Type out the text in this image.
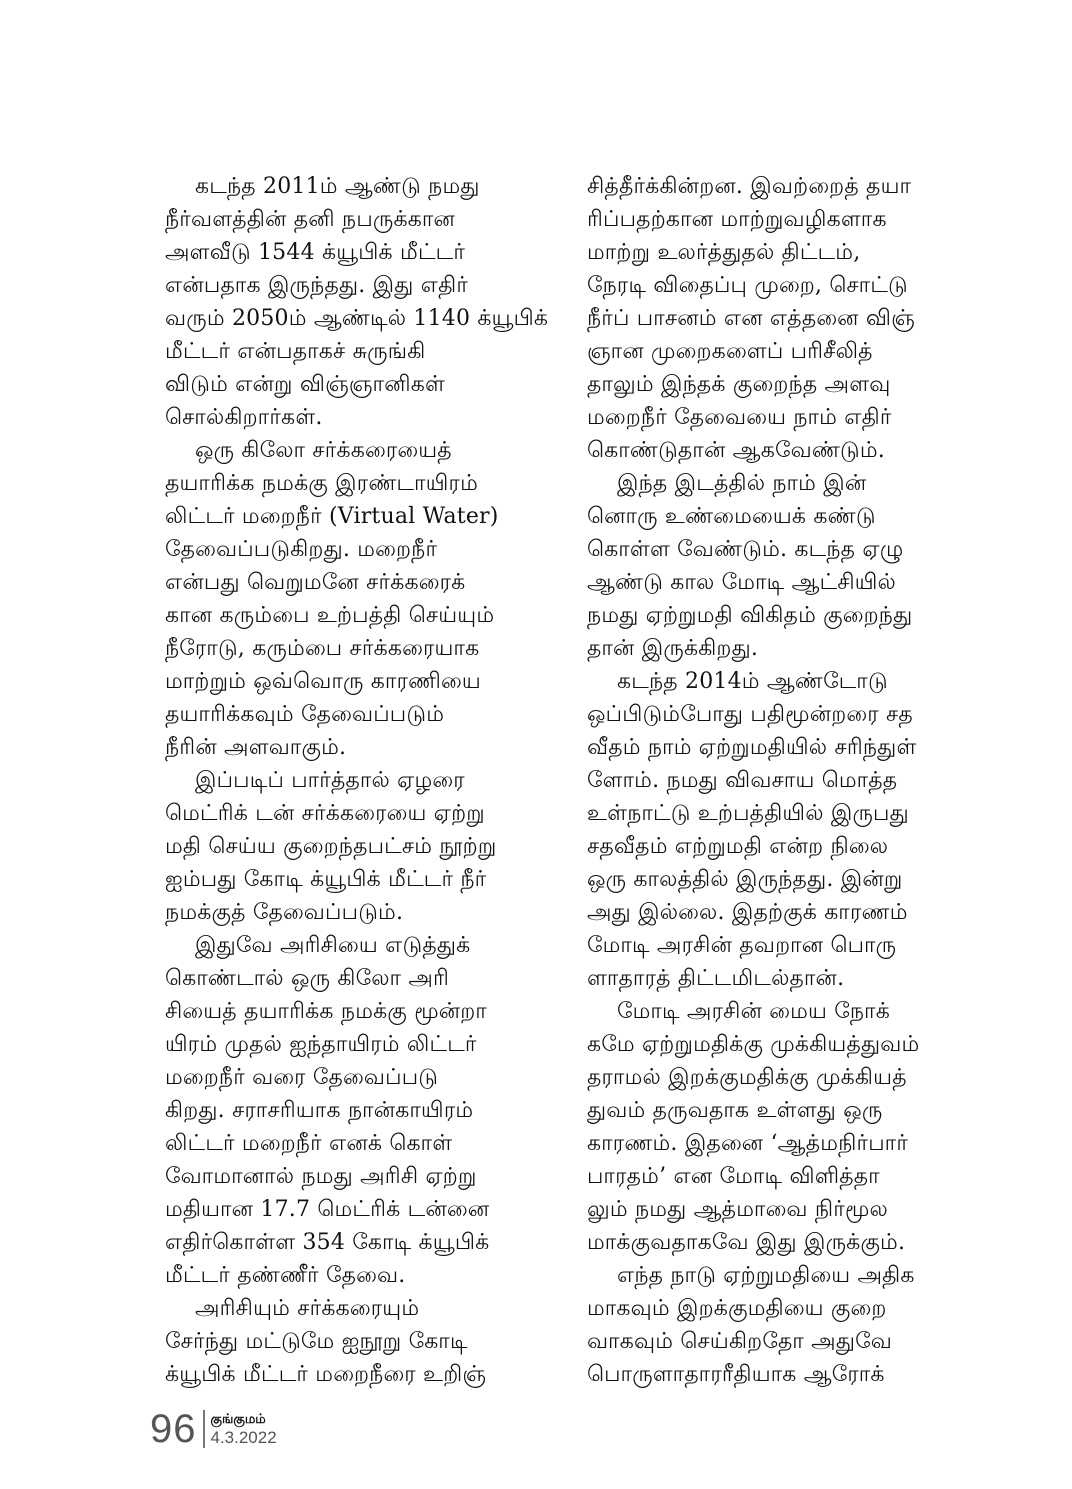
கடந்த 2011ம் ஆண்டு நமது
நீர்வளத்தின் தனி நபருக்கான
அளவீடு 1544 க்யூபிக் மீட்டர்
என்பதாக இருந்தது. இது எதிர்
வரும் 2050ம் ஆண்டில் 1140 க்யூபிக்
மீட்டர் என்பதாகச் சுருங்கி
விடும் என்று விஞ்ஞானிகள்
சொல்கிறார்கள்.

ஒரு கிலோ சர்க்கரையைத்
தயாரிக்க நமக்கு இரண்டாயிரம்
லிட்டர் மறைநீர் (Virtual Water)
தேவைப்படுகிறது. மறைநீர்
என்பது வெறுமனே சர்க்கரைக்
கான கரும்பை உற்பத்தி செய்யும்
நீரோடு, கரும்பை சர்க்கரையாக
மாற்றும் ஒவ்வொரு காரணியை
தயாரிக்கவும் தேவைப்படும்
நீரின் அளவாகும்.

இப்படிப் பார்த்தால் ஏழரை
மெட்ரிக் டன் சர்க்கரையை ஏற்று
மதி செய்ய குறைந்தபட்சம் நூற்று
ஐம்பது கோடி க்யூபிக் மீட்டர் நீர்
நமக்குத் தேவைப்படும்.

இதுவே அரிசியை எடுத்துக்
கொண்டால் ஒரு கிலோ அரி
சியைத் தயாரிக்க நமக்கு மூன்றா
யிரம் முதல் ஐந்தாயிரம் லிட்டர்
மறைநீர் வரை தேவைப்படு
கிறது. சராசரியாக நான்காயிரம்
லிட்டர் மறைநீர் எனக் கொள்
வோமானால் நமது அரிசி ஏற்று
மதியான 17.7 மெட்ரிக் டன்னை
எதிர்கொள்ள 354 கோடி க்யூபிக்
மீட்டர் தண்ணீர் தேவை.

அரிசியும் சர்க்கரையும்
சேர்ந்து மட்டுமே ஐநூறு கோடி
க்யூபிக் மீட்டர் மறைநீரை உறிஞ்

சித்தீர்க்கின்றன. இவற்றைத் தயா
ரிப்பதற்கான மாற்றுவழிகளாக
மாற்று உலர்த்துதல் திட்டம்,
நேரடி விதைப்பு முறை, சொட்டு
நீர்ப் பாசனம் என எத்தனை விஞ்
ஞான முறைகளைப் பரிசீலித்
தாலும் இந்தக் குறைந்த அளவு
மறைநீர் தேவையை நாம் எதிர்
கொண்டுதான் ஆகவேண்டும்.

இந்த இடத்தில் நாம் இன்
னொரு உண்மையைக் கண்டு
கொள்ள வேண்டும். கடந்த ஏழு
ஆண்டு கால மோடி ஆட்சியில்
நமது ஏற்றுமதி விகிதம் குறைந்து
தான் இருக்கிறது.

கடந்த 2014ம் ஆண்டோடு
ஒப்பிடும்போது பதிமூன்றரை சத
வீதம் நாம் ஏற்றுமதியில் சரிந்துள்
ளோம். நமது விவசாய மொத்த
உள்நாட்டு உற்பத்தியில் இருபது
சதவீதம் எற்றுமதி என்ற நிலை
ஒரு காலத்தில் இருந்தது. இன்று
அது இல்லை. இதற்குக் காரணம்
மோடி அரசின் தவறான பொரு
ளாதாரத் திட்டமிடல்தான்.

மோடி அரசின் மைய நோக்
கமே ஏற்றுமதிக்கு முக்கியத்துவம்
தராமல் இறக்குமதிக்கு முக்கியத்
துவம் தருவதாக உள்ளது ஒரு
காரணம். இதனை ‘ஆத்மநிர்பார்
பாரதம்’ என மோடி விளித்தா
லும் நமது ஆத்மாவை நிர்மூல
மாக்குவதாகவே இது இருக்கும்.

எந்த நாடு ஏற்றுமதியை அதிக
மாகவும் இறக்குமதியை குறை
வாகவும் செய்கிறதோ அதுவே
பொருளாதாரரீதியாக ஆரோக்

96 குங்குமம்
4.3.2022
